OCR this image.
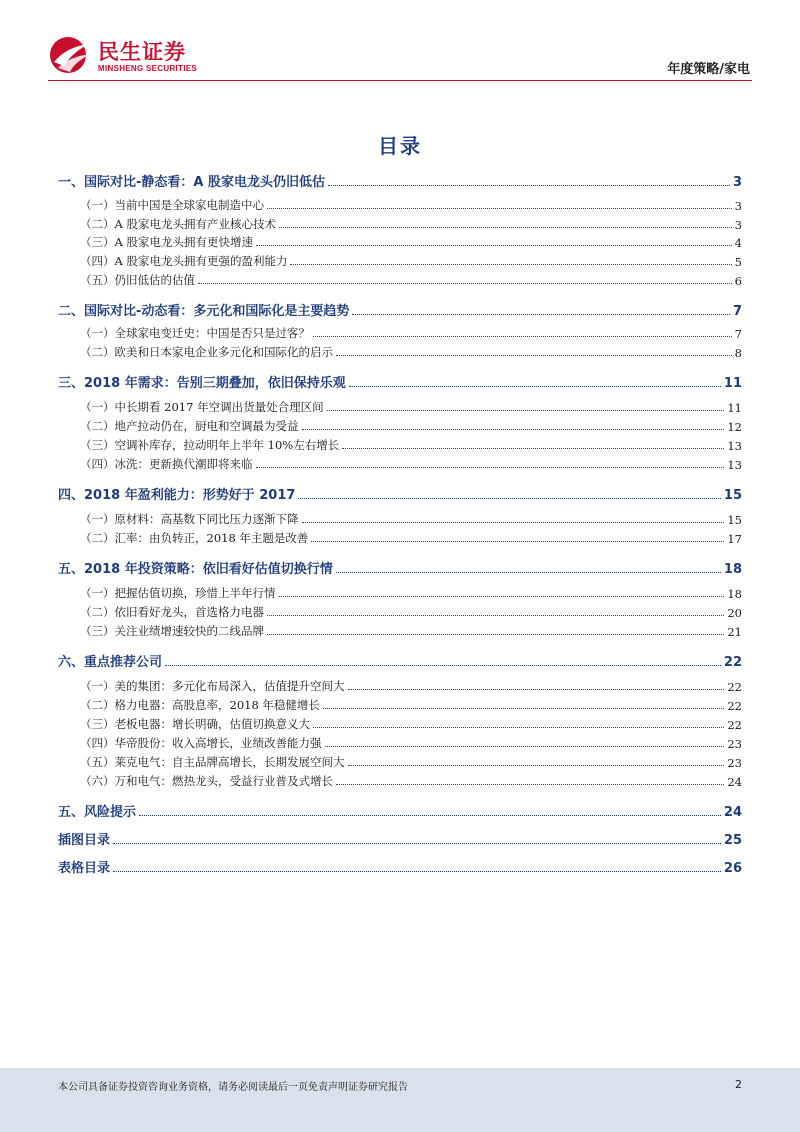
民生证券
MINSHENG SECURITIES	年度策略/家电
目录
一、国际对比-静态看：A 股家电龙头仍旧低估	3
（一）当前中国是全球家电制造中心	3
（二）A 股家电龙头拥有产业核心技术	3
（三）A 股家电龙头拥有更快增速	4
（四）A 股家电龙头拥有更强的盈利能力	5
（五）仍旧低估的估值	6
二、国际对比-动态看：多元化和国际化是主要趋势	7
（一）全球家电变迁史：中国是否只是过客？	7
（二）欧美和日本家电企业多元化和国际化的启示	8
三、2018 年需求：告别三期叠加，依旧保持乐观	11
（一）中长期看 2017 年空调出货量处合理区间	11
（二）地产拉动仍在，厨电和空调最为受益	12
（三）空调补库存，拉动明年上半年 10%左右增长	13
（四）冰洗：更新换代潮即将来临	13
四、2018 年盈利能力：形势好于 2017	15
（一）原材料：高基数下同比压力逐渐下降	15
（二）汇率：由负转正，2018 年主题是改善	17
五、2018 年投资策略：依旧看好估值切换行情	18
（一）把握估值切换，珍惜上半年行情	18
（二）依旧看好龙头，首选格力电器	20
（三）关注业绩增速较快的二线品牌	21
六、重点推荐公司	22
（一）美的集团：多元化布局深入，估值提升空间大	22
（二）格力电器：高股息率，2018 年稳健增长	22
（三）老板电器：增长明确，估值切换意义大	22
（四）华帝股份：收入高增长，业绩改善能力强	23
（五）莱克电气：自主品牌高增长，长期发展空间大	23
（六）万和电气：燃热龙头，受益行业普及式增长	24
五、风险提示	24
插图目录	25
表格目录	26
本公司具备证券投资咨询业务资格，请务必阅读最后一页免责声明证券研究报告	2
